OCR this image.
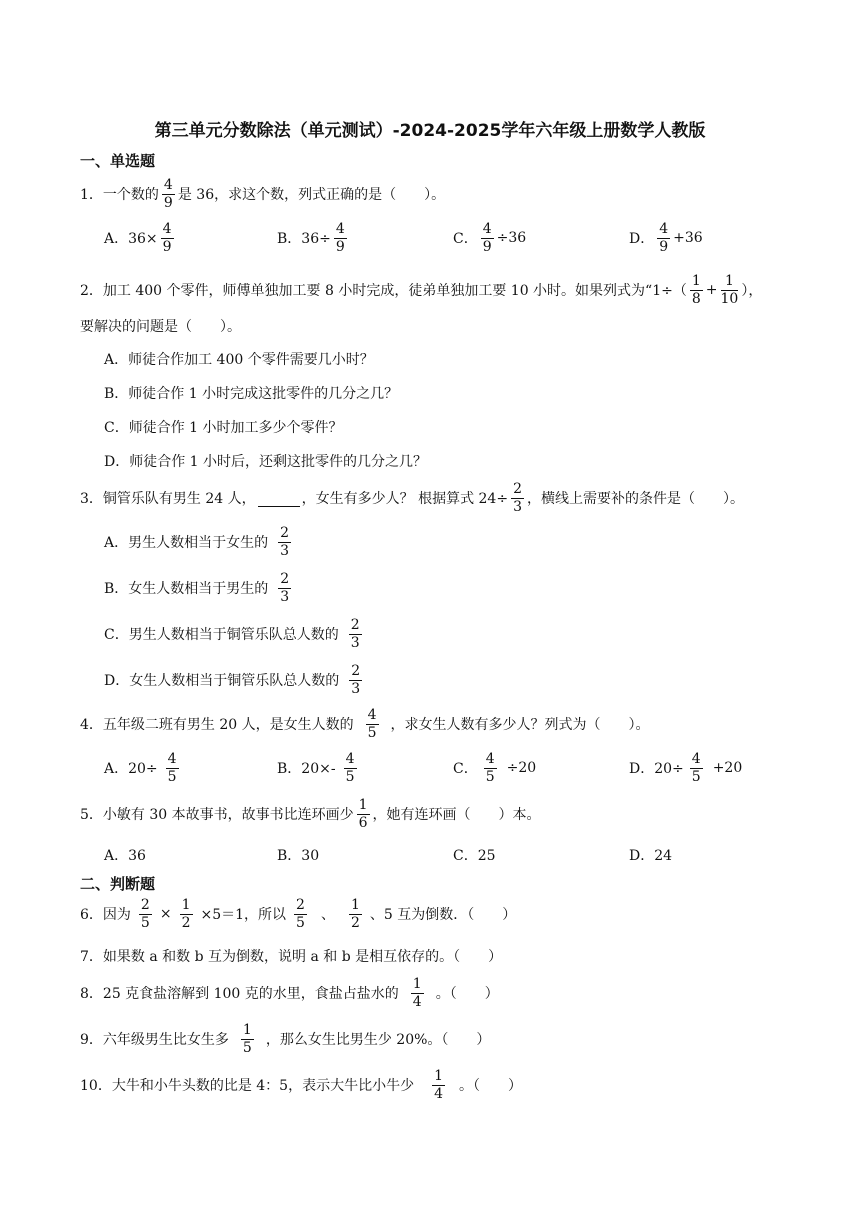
第三单元分数除法（单元测试）-2024-2025学年六年级上册数学人教版
一、单选题
1．一个数的 $\frac{4}{9}$ 是 36，求这个数，列式正确的是（　　）。
A．$36\times \frac{4}{9}$	B．$36\div \frac{4}{9}$	C． $\frac{4}{9} \div 36$	D． $\frac{4}{9} +36$
2．加工 400 个零件，师傅单独加工要 8 小时完成，徒弟单独加工要 10 小时。如果列式为“$1\div( \frac{1}{8} + \frac{1}{10}$ ），
要解决的问题是（　　）。
A．师徒合作加工 400 个零件需要几小时？
B．师徒合作 1 小时完成这批零件的几分之几？
C．师徒合作 1 小时加工多少个零件？
D．师徒合作 1 小时后，还剩这批零件的几分之几？
3．铜管乐队有男生 24 人，	，女生有多少人？ 根据算式 $24\div \frac{2}{3}$ ，横线上需要补的条件是（　　）。
A．男生人数相当于女生的 $\frac{2}{3}$
B．女生人数相当于男生的 $\frac{2}{3}$
C．男生人数相当于铜管乐队总人数的 $\frac{2}{3}$
D．女生人数相当于铜管乐队总人数的 $\frac{2}{3}$
4．五年级二班有男生 20 人，是女生人数的 $\frac{4}{5}$ ，求女生人数有多少人？列式为（　　）。
A．$20\div \frac{4}{5}$	B．$20\times- \frac{4}{5}$	C． $\frac{4}{5} \div 20$	D．$20\div \frac{4}{5} +20$
5．小敏有 30 本故事书，故事书比连环画少 $\frac{1}{6}$ ，她有连环画（　　）本。
A．36	B．30	C．25	D．24
二、判断题
6．因为 $\frac{2}{5} \times \frac{1}{2} \times 5=1$，所以 $\frac{2}{5}$ 、 $\frac{1}{2}$ 、5 互为倒数．（　　）
7．如果数 a 和数 b 互为倒数，说明 a 和 b 是相互依存的。（　　）
8．25 克食盐溶解到 100 克的水里，食盐占盐水的 $\frac{1}{4}$ 。（　　）
9．六年级男生比女生多 $\frac{1}{5}$ ，那么女生比男生少 20%。（　　）
10．大牛和小牛头数的比是 4：5，表示大牛比小牛少 $\frac{1}{4}$ 。（　　）
